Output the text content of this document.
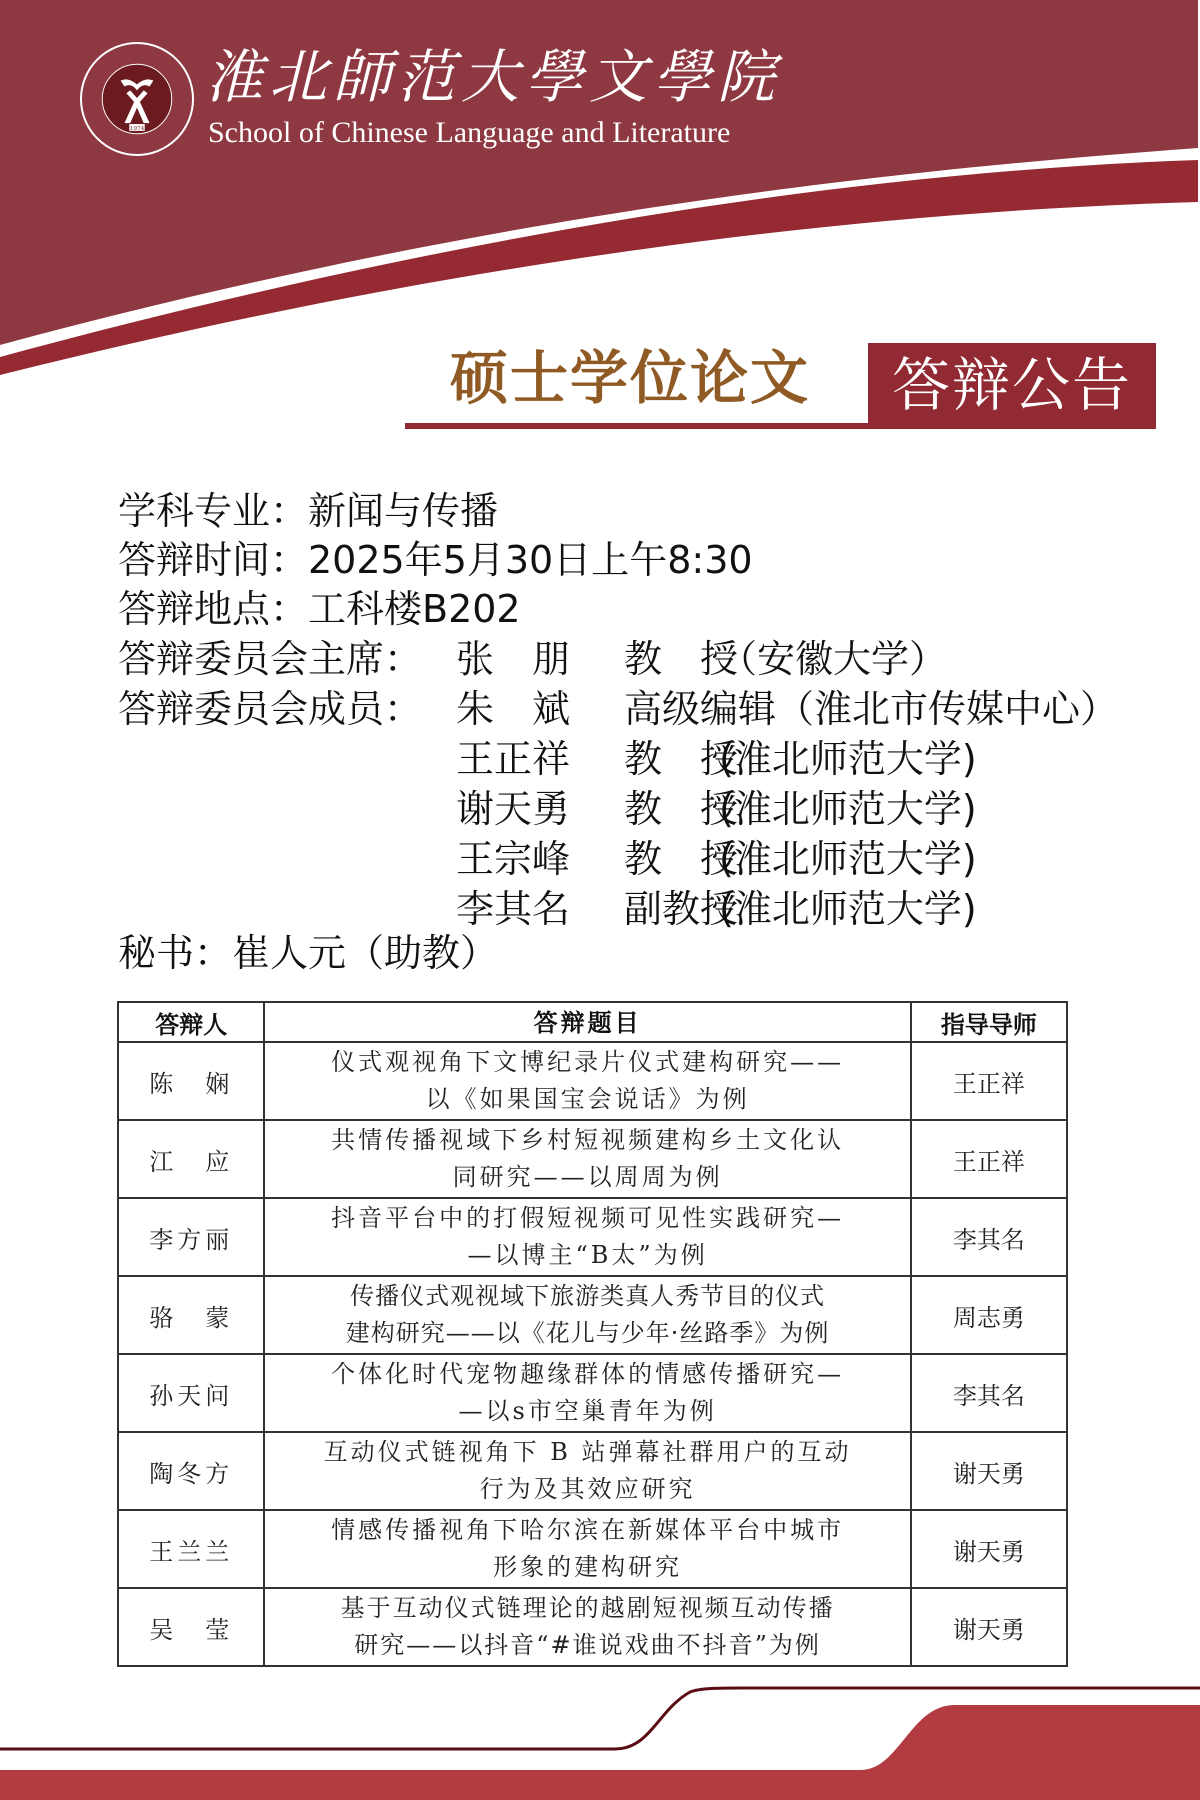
1974
淮北師范大學文學院
School of Chinese Language and Literature
硕士学位论文	答辩公告
学科专业：新闻与传播
答辩时间：2025年5月30日上午8:30
答辩地点：工科楼B202
答辩委员会主席： 张　朋	教　授
（安徽大学）
答辩委员会成员： 朱　斌	高级编辑 （淮北市传媒中心）
王正祥	教　授
(淮北师范大学)
谢天勇	教　授
(淮北师范大学)
王宗峰	教　授
(淮北师范大学)
李其名	副教授
(淮北师范大学)
秘书：崔人元（助教）
答辩人	答辩题目	指导导师
陈　娴	仪式观视角下文博纪录片仪式建构研究——
以《如果国宝会说话》为例	王正祥
江　应	共情传播视域下乡村短视频建构乡土文化认
同研究——以周周为例	王正祥
李方丽	抖音平台中的打假短视频可见性实践研究—
—以博主“B太”为例	李其名
骆　蒙	传播仪式观视域下旅游类真人秀节目的仪式
建构研究——以《花儿与少年·丝路季》为例	周志勇
孙天问	个体化时代宠物趣缘群体的情感传播研究—
—以s市空巢青年为例	李其名
陶冬方	互动仪式链视角下 B 站弹幕社群用户的互动
行为及其效应研究	谢天勇
王兰兰	情感传播视角下哈尔滨在新媒体平台中城市
形象的建构研究	谢天勇
吴　莹	基于互动仪式链理论的越剧短视频互动传播
研究——以抖音“#谁说戏曲不抖音”为例	谢天勇
